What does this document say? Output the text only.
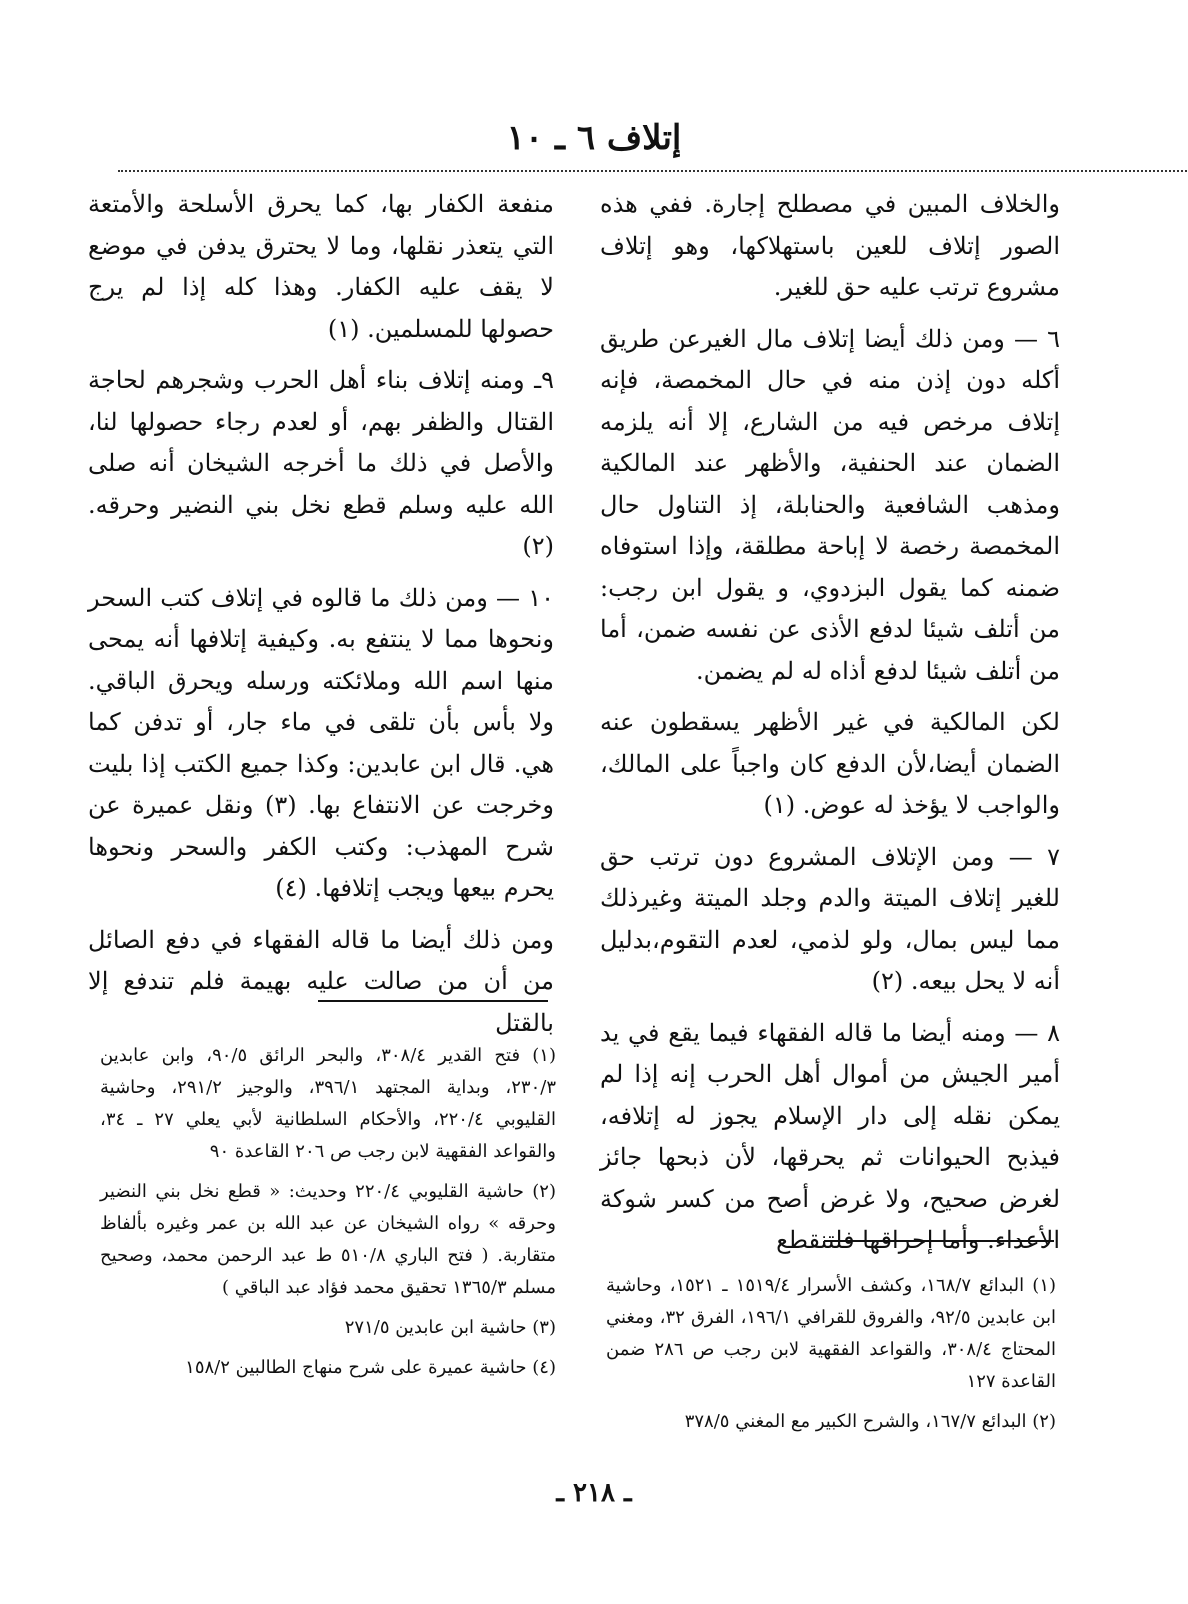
إتلاف ٦ ـ ١٠

والخلاف المبين في مصطلح إجارة. ففي هذه الصور إتلاف للعين باستهلاكها، وهو إتلاف مشروع ترتب عليه حق للغير.

٦ — ومن ذلك أيضا إتلاف مال الغيرعن طريق أكله دون إذن منه في حال المخمصة، فإنه إتلاف مرخص فيه من الشارع، إلا أنه يلزمه الضمان عند الحنفية، والأظهر عند المالكية ومذهب الشافعية والحنابلة، إذ التناول حال المخمصة رخصة لا إباحة مطلقة، وإذا استوفاه ضمنه كما يقول البزدوي، و يقول ابن رجب: من أتلف شيئا لدفع الأذى عن نفسه ضمن، أما من أتلف شيئا لدفع أذاه له لم يضمن.

لكن المالكية في غير الأظهر يسقطون عنه الضمان أيضا،لأن الدفع كان واجباً على المالك، والواجب لا يؤخذ له عوض. (١)

٧ — ومن الإتلاف المشروع دون ترتب حق للغير إتلاف الميتة والدم وجلد الميتة وغيرذلك مما ليس بمال، ولو لذمي، لعدم التقوم،بدليل أنه لا يحل بيعه. (٢)

٨ — ومنه أيضا ما قاله الفقهاء فيما يقع في يد أمير الجيش من أموال أهل الحرب إنه إذا لم يمكن نقله إلى دار الإسلام يجوز له إتلافه، فيذبح الحيوانات ثم يحرقها، لأن ذبحها جائز لغرض صحيح، ولا غرض أصح من كسر شوكة الأعداء. وأما إحراقها فلتنقطع

منفعة الكفار بها، كما يحرق الأسلحة والأمتعة التي يتعذر نقلها، وما لا يحترق يدفن في موضع لا يقف عليه الكفار. وهذا كله إذا لم يرج حصولها للمسلمين. (١)

٩ـ ومنه إتلاف بناء أهل الحرب وشجرهم لحاجة القتال والظفر بهم، أو لعدم رجاء حصولها لنا، والأصل في ذلك ما أخرجه الشيخان أنه صلى الله عليه وسلم قطع نخل بني النضير وحرقه. (٢)

١٠ — ومن ذلك ما قالوه في إتلاف كتب السحر ونحوها مما لا ينتفع به. وكيفية إتلافها أنه يمحى منها اسم الله وملائكته ورسله ويحرق الباقي. ولا بأس بأن تلقى في ماء جار، أو تدفن كما هي. قال ابن عابدين: وكذا جميع الكتب إذا بليت وخرجت عن الانتفاع بها. (٣) ونقل عميرة عن شرح المهذب: وكتب الكفر والسحر ونحوها يحرم بيعها ويجب إتلافها. (٤)

ومن ذلك أيضا ما قاله الفقهاء في دفع الصائل من أن من صالت عليه بهيمة فلم تندفع إلا بالقتل

(١) فتح القدير ٣٠٨/٤، والبحر الرائق ٩٠/٥، وابن عابدين ٢٣٠/٣، وبداية المجتهد ٣٩٦/١، والوجيز ٢٩١/٢، وحاشية القليوبي ٢٢٠/٤، والأحكام السلطانية لأبي يعلي ٢٧ ـ ٣٤، والقواعد الفقهية لابن رجب ص ٢٠٦ القاعدة ٩٠

(٢) حاشية القليوبي ٢٢٠/٤ وحديث: « قطع نخل بني النضير وحرقه » رواه الشيخان عن عبد الله بن عمر وغيره بألفاظ متقاربة. ( فتح الباري ٥١٠/٨ ط عبد الرحمن محمد، وصحيح مسلم ١٣٦٥/٣ تحقيق محمد فؤاد عبد الباقي )

(٣) حاشية ابن عابدين ٢٧١/٥

(٤) حاشية عميرة على شرح منهاج الطالبين ١٥٨/٢

(١) البدائع ١٦٨/٧، وكشف الأسرار ١٥١٩/٤ ـ ١٥٢١، وحاشية ابن عابدين ٩٢/٥، والفروق للقرافي ١٩٦/١، الفرق ٣٢، ومغني المحتاج ٣٠٨/٤، والقواعد الفقهية لابن رجب ص ٢٨٦ ضمن القاعدة ١٢٧

(٢) البدائع ١٦٧/٧، والشرح الكبير مع المغني ٣٧٨/٥

ـ ٢١٨ ـ
